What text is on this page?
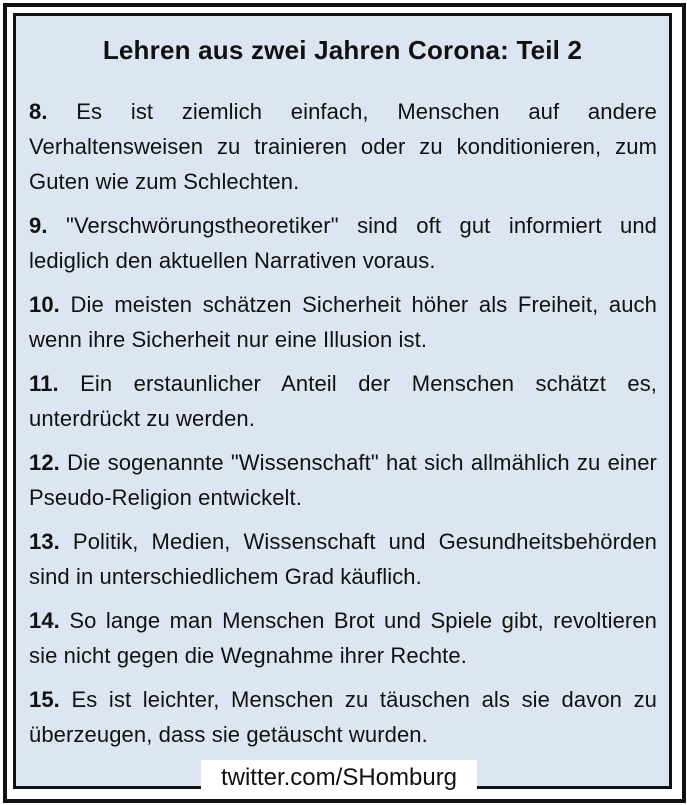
Lehren aus zwei Jahren Corona: Teil 2
8. Es ist ziemlich einfach, Menschen auf andere Verhaltensweisen zu trainieren oder zu konditionieren, zum Guten wie zum Schlechten.
9. "Verschwörungstheoretiker" sind oft gut informiert und lediglich den aktuellen Narrativen voraus.
10. Die meisten schätzen Sicherheit höher als Freiheit, auch wenn ihre Sicherheit nur eine Illusion ist.
11. Ein erstaunlicher Anteil der Menschen schätzt es, unterdrückt zu werden.
12. Die sogenannte "Wissenschaft" hat sich allmählich zu einer Pseudo-Religion entwickelt.
13. Politik, Medien, Wissenschaft und Gesundheitsbehörden sind in unterschiedlichem Grad käuflich.
14. So lange man Menschen Brot und Spiele gibt, revoltieren sie nicht gegen die Wegnahme ihrer Rechte.
15. Es ist leichter, Menschen zu täuschen als sie davon zu überzeugen, dass sie getäuscht wurden.
twitter.com/SHomburg
